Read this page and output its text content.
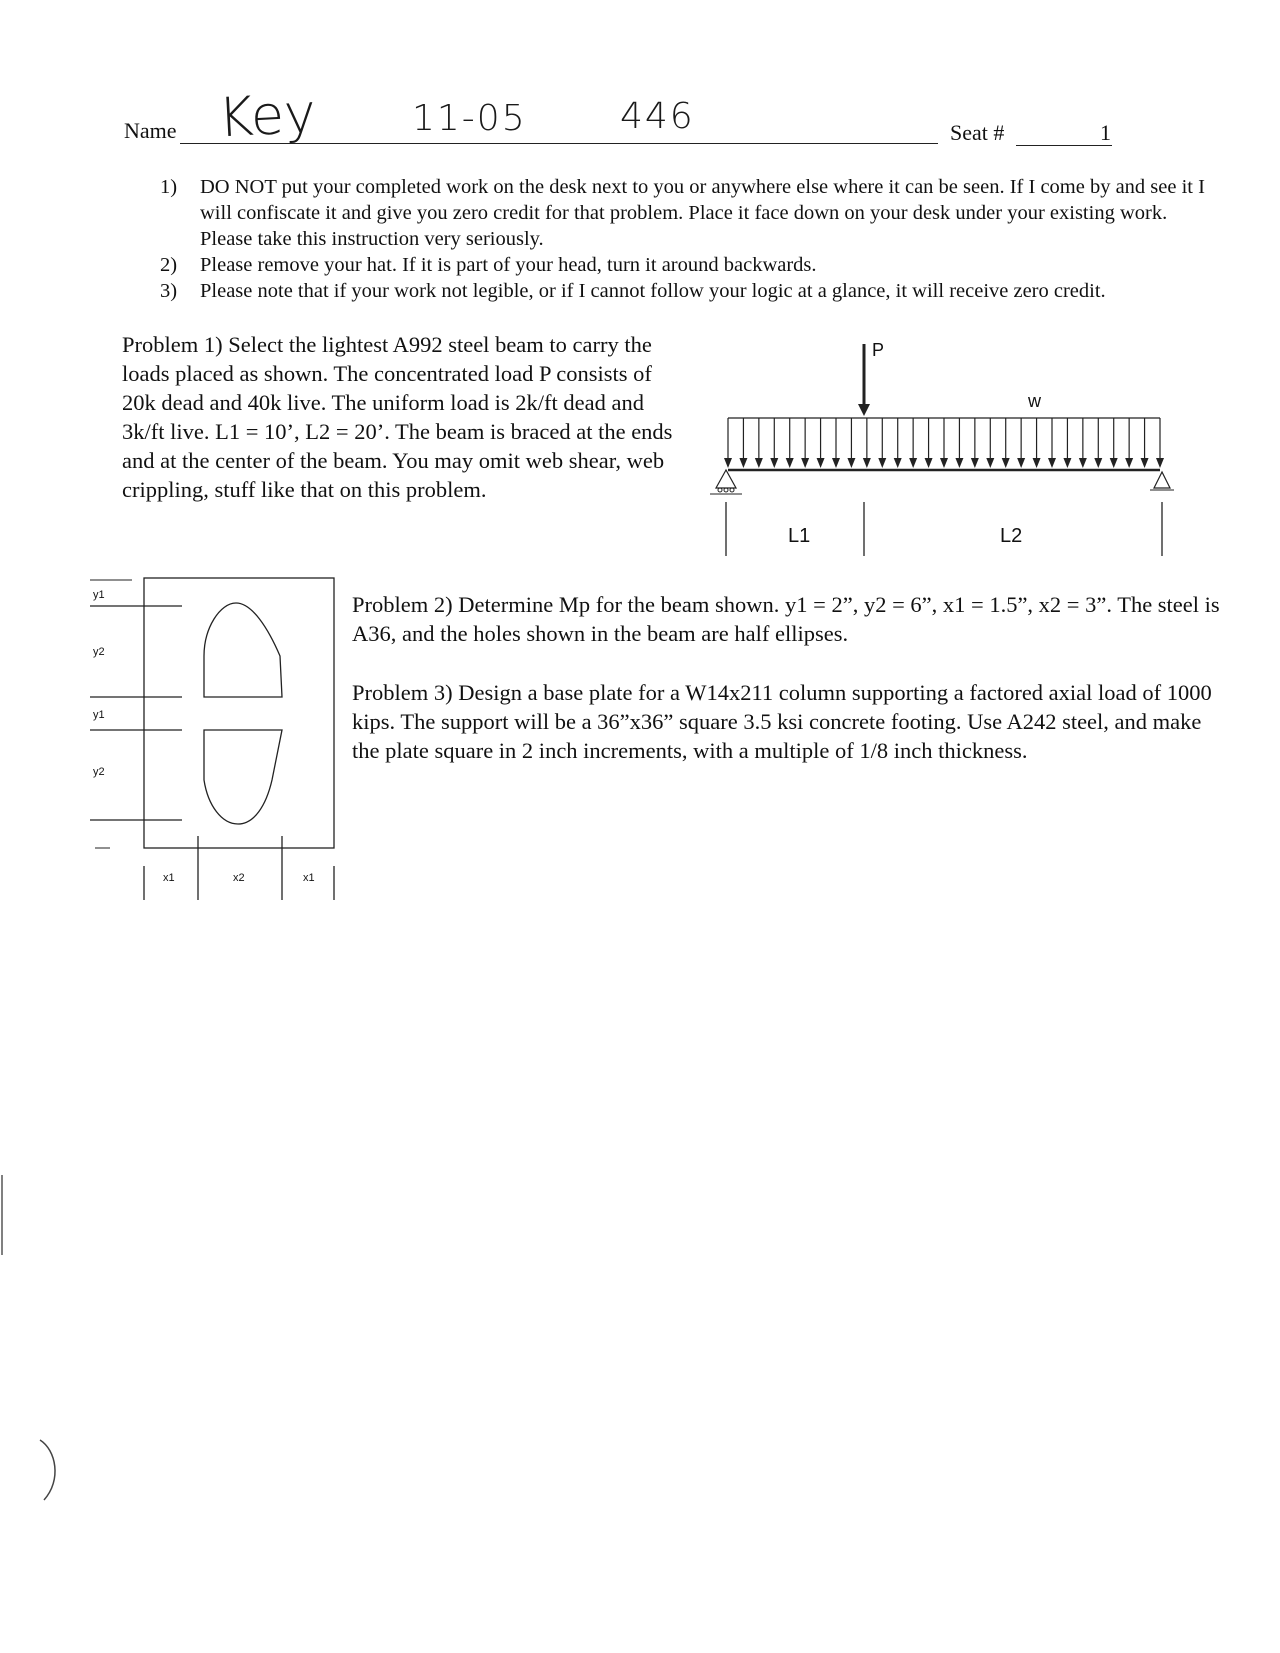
Name Key	11-05	446	Seat #	1
1) DO NOT put your completed work on the desk next to you or anywhere else where it can be seen. If I come by and see it I will confiscate it and give you zero credit for that problem. Place it face down on your desk under your existing work. Please take this instruction very seriously.
2) Please remove your hat. If it is part of your head, turn it around backwards.
3) Please note that if your work not legible, or if I cannot follow your logic at a glance, it will receive zero credit.
Problem 1) Select the lightest A992 steel beam to carry the loads placed as shown. The concentrated load P consists of 20k dead and 40k live. The uniform load is 2k/ft dead and 3k/ft live. L1 = 10’, L2 = 20’. The beam is braced at the ends and at the center of the beam. You may omit web shear, web crippling, stuff like that on this problem.
Problem 2) Determine Mp for the beam shown. y1 = 2”, y2 = 6”, x1 = 1.5”, x2 = 3”. The steel is A36, and the holes shown in the beam are half ellipses.
Problem 3) Design a base plate for a W14x211 column supporting a factored axial load of 1000 kips. The support will be a 36”x36” square 3.5 ksi concrete footing. Use A242 steel, and make the plate square in 2 inch increments, with a multiple of 1/8 inch thickness.
P
w
L1	L2
y1
y2
y1
y2
x1	x2	x1
